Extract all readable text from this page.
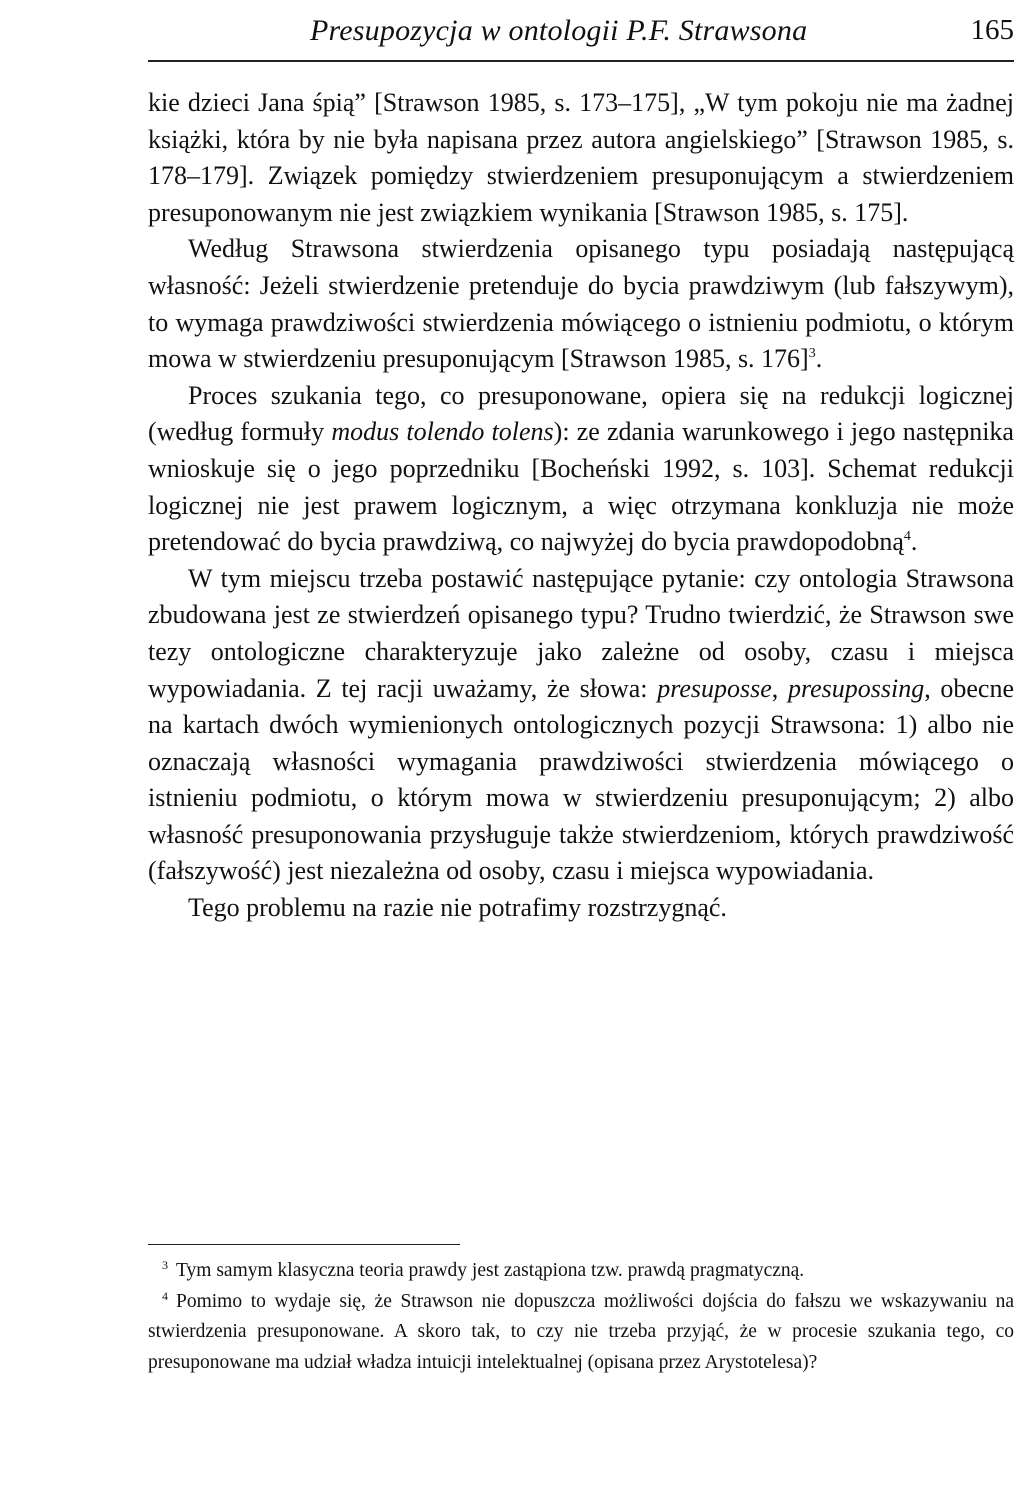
Presupozycja w ontologii P.F. Strawsona	165

kie dzieci Jana śpią” [Strawson 1985, s. 173–175], „W tym pokoju nie ma żadnej książki, która by nie była napisana przez autora angielskiego” [Strawson 1985, s. 178–179]. Związek pomiędzy stwierdzeniem presuponującym a stwierdzeniem presuponowanym nie jest związkiem wynikania [Strawson 1985, s. 175].

Według Strawsona stwierdzenia opisanego typu posiadają następującą własność: Jeżeli stwierdzenie pretenduje do bycia prawdziwym (lub fałszywym), to wymaga prawdziwości stwierdzenia mówiącego o istnieniu podmiotu, o którym mowa w stwierdzeniu presuponującym [Strawson 1985, s. 176]$^3$.

Proces szukania tego, co presuponowane, opiera się na redukcji logicznej (według formuły modus tolendo tolens): ze zdania warunkowego i jego następnika wnioskuje się o jego poprzedniku [Bocheński 1992, s. 103]. Schemat redukcji logicznej nie jest prawem logicznym, a więc otrzymana konkluzja nie może pretendować do bycia prawdziwą, co najwyżej do bycia prawdopodobną$^4$.

W tym miejscu trzeba postawić następujące pytanie: czy ontologia Strawsona zbudowana jest ze stwierdzeń opisanego typu? Trudno twierdzić, że Strawson swe tezy ontologiczne charakteryzuje jako zależne od osoby, czasu i miejsca wypowiadania. Z tej racji uważamy, że słowa: presuposse, presupossing, obecne na kartach dwóch wymienionych ontologicznych pozycji Strawsona: 1) albo nie oznaczają własności wymagania prawdziwości stwierdzenia mówiącego o istnieniu podmiotu, o którym mowa w stwierdzeniu presuponującym; 2) albo własność presuponowania przysługuje także stwierdzeniom, których prawdziwość (fałszywość) jest niezależna od osoby, czasu i miejsca wypowiadania.

Tego problemu na razie nie potrafimy rozstrzygnąć.

$^3$ Tym samym klasyczna teoria prawdy jest zastąpiona tzw. prawdą pragmatyczną.

$^4$ Pomimo to wydaje się, że Strawson nie dopuszcza możliwości dojścia do fałszu we wskazywaniu na stwierdzenia presuponowane. A skoro tak, to czy nie trzeba przyjąć, że w procesie szukania tego, co presuponowane ma udział władza intuicji intelektualnej (opisana przez Arystotelesa)?
